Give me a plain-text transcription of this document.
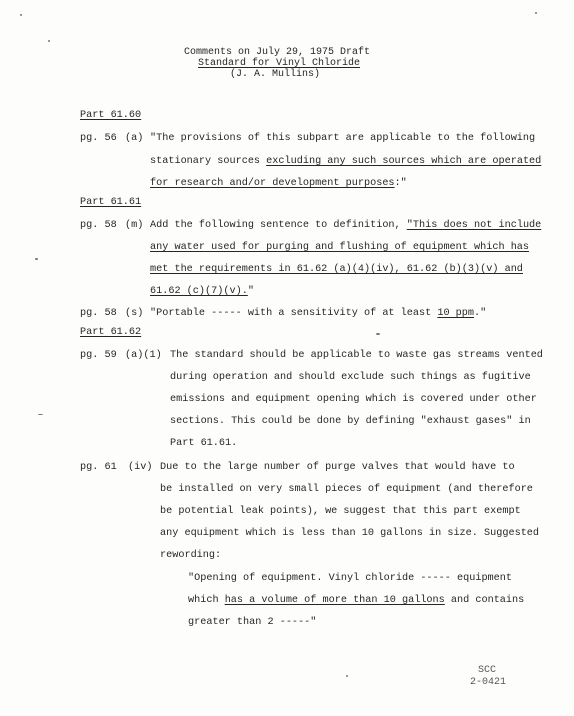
Comments on July 29, 1975 Draft
Standard for Vinyl Chloride
(J. A. Mullins)
Part 61.60
pg. 56 (a) "The provisions of this subpart are applicable to the following
stationary sources excluding any such sources which are operated
for research and/or development purposes:"
Part 61.61
pg. 58 (m) Add the following sentence to definition, "This does not include
any water used for purging and flushing of equipment which has
met the requirements in 61.62 (a)(4)(iv), 61.62 (b)(3)(v) and
61.62 (c)(7)(v)."
pg. 58 (s) "Portable ----- with a sensitivity of at least 10 ppm."
Part 61.62
pg. 59 (a)(1) The standard should be applicable to waste gas streams vented
during operation and should exclude such things as fugitive
emissions and equipment opening which is covered under other
sections. This could be done by defining "exhaust gases" in
Part 61.61.
pg. 61 (iv) Due to the large number of purge valves that would have to
be installed on very small pieces of equipment (and therefore
be potential leak points), we suggest that this part exempt
any equipment which is less than 10 gallons in size. Suggested
rewording:
"Opening of equipment. Vinyl chloride ----- equipment
which has a volume of more than 10 gallons and contains
greater than 2 -----"
SCC
2-0421
